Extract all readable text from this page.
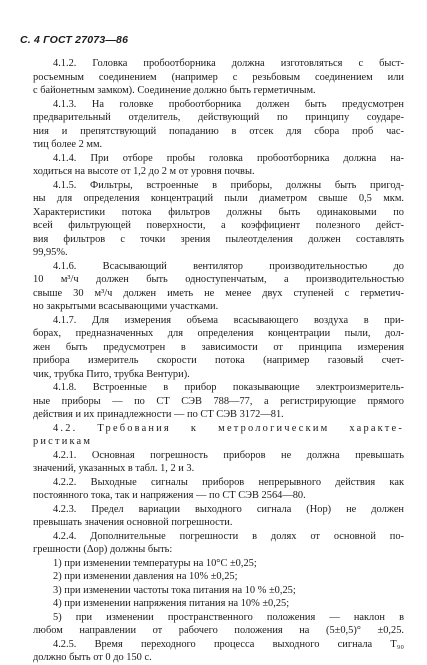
С. 4 ГОСТ 27073—86
4.1.2. Головка пробоотборника должна изготовляться с быст-
росъемным соединением (например с резьбовым соединением или
с байонетным замком). Соединение должно быть герметичным.
4.1.3. На головке пробоотборника должен быть предусмотрен
предварительный отделитель, действующий по принципу соударе-
ния и препятствующий попаданию в отсек для сбора проб час-
тиц более 2 мм.
4.1.4. При отборе пробы головка пробоотборника должна на-
ходиться на высоте от 1,2 до 2 м от уровня почвы.
4.1.5. Фильтры, встроенные в приборы, должны быть пригод-
ны для определения концентраций пыли диаметром свыше 0,5 мкм.
Характеристики потока фильтров должны быть одинаковыми по
всей фильтрующей поверхности, а коэффициент полезного дейст-
вия фильтров с точки зрения пылеотделения должен составлять
99,95%.
4.1.6. Всасывающий вентилятор производительностью до
10 м³/ч должен быть одноступенчатым, а производительностью
свыше 30 м³/ч должен иметь не менее двух ступеней с герметич-
но закрытыми всасывающими участками.
4.1.7. Для измерения объема всасывающего воздуха в при-
борах, предназначенных для определения концентрации пыли, дол-
жен быть предусмотрен в зависимости от принципа измерения
прибора измеритель скорости потока (например газовый счет-
чик, трубка Пито, трубка Вентури).
4.1.8. Встроенные в прибор показывающие электроизмеритель-
ные приборы — по СТ СЭВ 788—77, а регистрирующие прямого
действия и их принадлежности — по СТ СЭВ 3172—81.
4.2. Требования к метрологическим характе-
ристикам
4.2.1. Основная погрешность приборов не должна превышать
значений, указанных в табл. 1, 2 и 3.
4.2.2. Выходные сигналы приборов непрерывного действия как
постоянного тока, так и напряжения — по СТ СЭВ 2564—80.
4.2.3. Предел вариации выходного сигнала (Hор) не должен
превышать значения основной погрешности.
4.2.4. Дополнительные погрешности в долях от основной по-
грешности (Δор) должны быть:
1) при изменении температуры на 10°С ±0,25;
2) при изменении давления на 10% ±0,25;
3) при изменении частоты тока питания на 10 % ±0,25;
4) при изменении напряжения питания на 10% ±0,25;
5) при изменении пространственного положения — наклон в
любом направлении от рабочего положения на (5±0,5)° ±0,25.
4.2.5. Время переходного процесса выходного сигнала T₉₀
должно быть от 0 до 150 с.
